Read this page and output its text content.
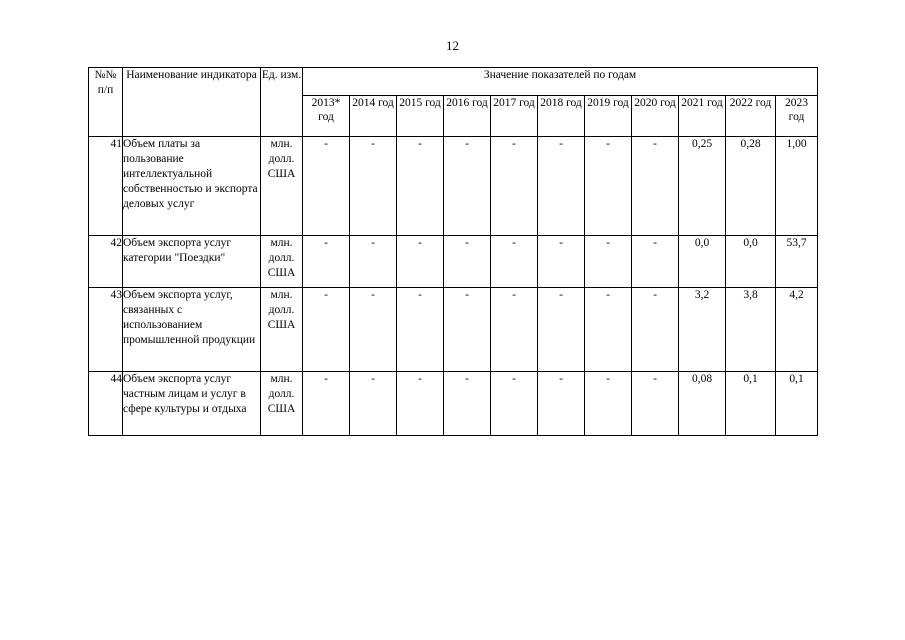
12
№№ п/п	Наименование индикатора	Ед. изм.	Значение показателей по годам										
			2013* год	2014 год	2015 год	2016 год	2017 год	2018 год	2019 год	2020 год	2021 год	2022 год	2023 год
41	Объем платы за пользование интеллектуальной собственностью и экспорта деловых услуг	млн. долл. США	-	-	-	-	-	-	-	-	0,25	0,28	1,00
42	Объем экспорта услуг категории "Поездки"	млн. долл. США	-	-	-	-	-	-	-	-	0,0	0,0	53,7
43	Объем экспорта услуг, связанных с использованием промышленной продукции	млн. долл. США	-	-	-	-	-	-	-	-	3,2	3,8	4,2
44	Объем экспорта услуг частным лицам и услуг в сфере культуры и отдыха	млн. долл. США	-	-	-	-	-	-	-	-	0,08	0,1	0,1
